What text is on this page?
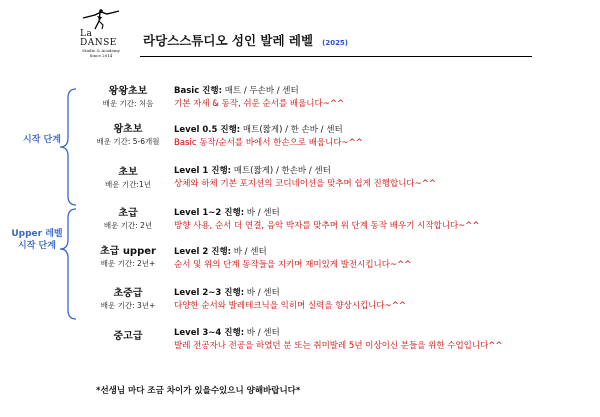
La
DANSE
Studio & Academy
Since 2014
라당스스튜디오 성인 발레 레벨 (2025)
시작 단계
Upper 레벨
시작 단계
왕왕초보
배운 기간: 처음
Basic 진행: 매트 / 두손바 / 센터
기본 자세 & 동작, 쉬운 순서를 배웁니다~^^
왕초보
배운 기간: 5-6개월
Level 0.5 진행: 매트(짧게) / 한 손바 / 센터
Basic 동작/순서를 바에서 한손으로 배웁니다~^^
초보
배운 기간:1년
Level 1 진행: 매트(짧게) / 한손바 / 센터
상체와 하체 기본 포지션의 코디네이션을 맞추며 쉽게 진행합니다~^^
초급
배운 기간: 2년
Level 1~2 진행: 바 / 센터
방향 사용, 순서 더 연결, 음악 박자를 맞추며 위 단계 동작 배우기 시작합니다~^^
초급 upper
배운 기간: 2년+
Level 2 진행: 바 / 센터
순서 및 위의 단계 동작들을 지키며 재미있게 발전시킵니다~^^
초중급
배운 기간: 3년+
Level 2~3 진행: 바 / 센터
다양한 순서와 발레테크닉을 익히며 실력을 향상시킵니다~^^
중고급	Level 3~4 진행: 바 / 센터
발레 전공자나 전공을 하였던 분 또는 취미발레 5년 이상이신 분들을 위한 수업입니다^^
*선생님 마다 조금 차이가 있을수있으니 양해바랍니다*
